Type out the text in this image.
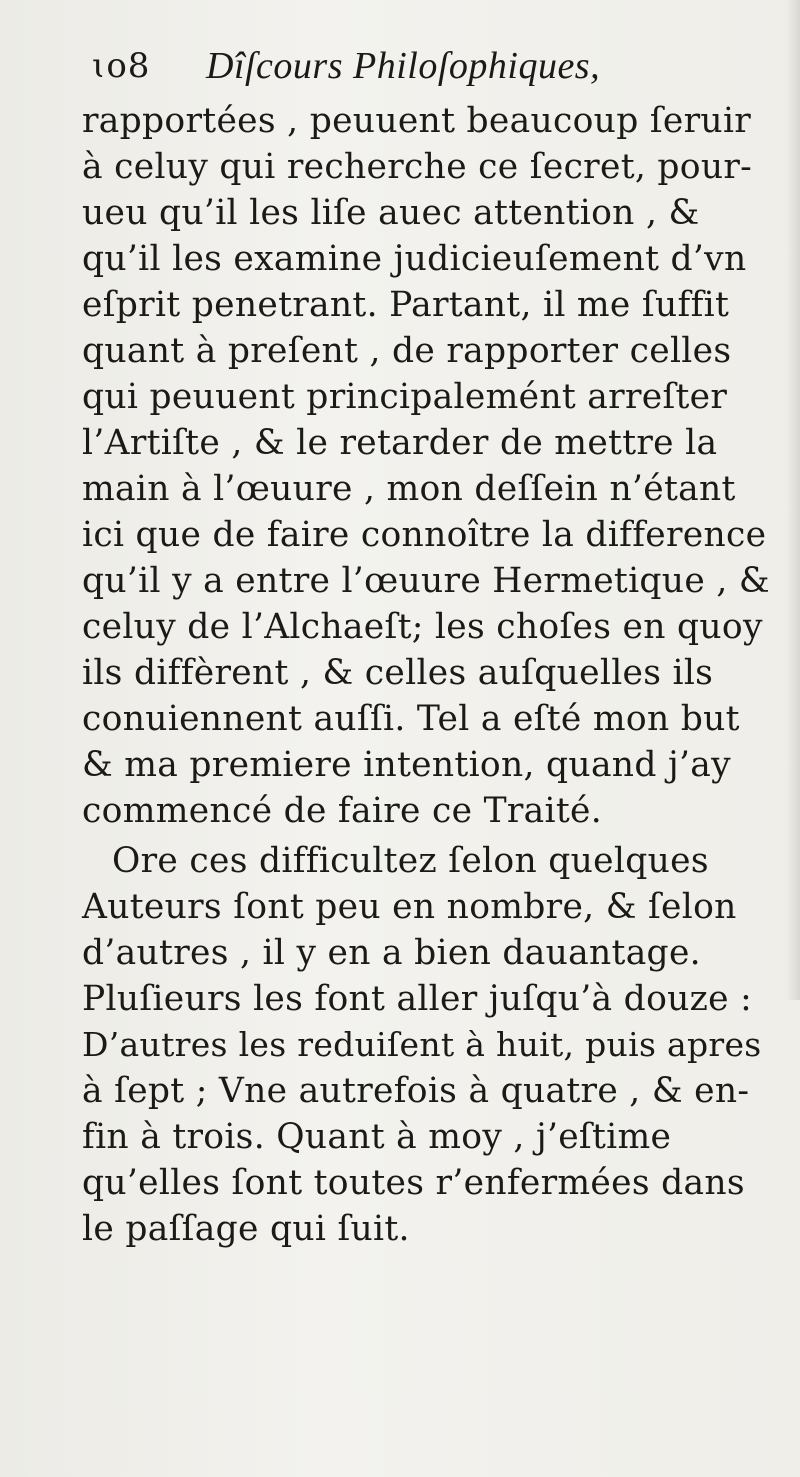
ɩo8 Dîſcours Philoſophiques,
rapportées , peuuent beaucoup ſeruir
à celuy qui recherche ce ſecret, pour-
ueu qu’il les liſe auec attention , &
qu’il les examine judicieuſement d’vn
eſprit penetrant. Partant, il me ſuffit
quant à preſent , de rapporter celles
qui peuuent principalemént arreſter
l’Artiſte , & le retarder de mettre la
main à l’œuure , mon deſſein n’étant
ici que de faire connoître la difference
qu’il y a entre l’œuure Hermetique , &
celuy de l’Alchaeſt; les choſes en quoy
ils diffèrent , & celles auſquelles ils
conuiennent auſſi. Tel a eſté mon but
& ma premiere intention, quand j’ay
commencé de faire ce Traité.
Ore ces difficultez ſelon quelques
Auteurs ſont peu en nombre, & ſelon
d’autres , il y en a bien dauantage.
Pluſieurs les font aller juſqu’à douze :
D’autres les reduiſent à huit, puis apres
à ſept ; Vne autrefois à quatre , & en-
fin à trois. Quant à moy , j’eſtime
qu’elles ſont toutes r’enfermées dans
le paſſage qui ſuit.
